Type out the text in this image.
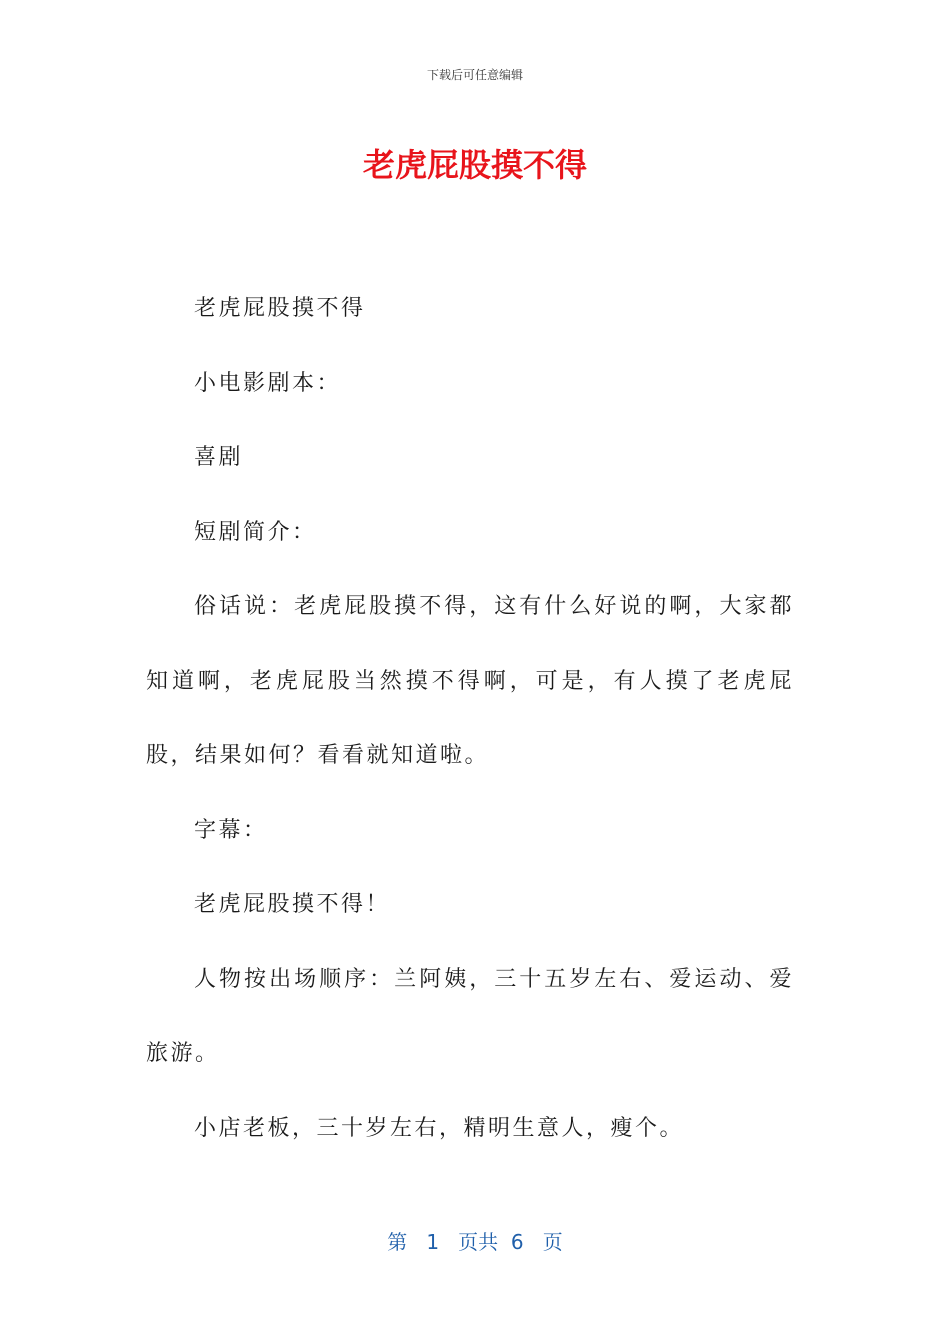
下载后可任意编辑
老虎屁股摸不得

老虎屁股摸不得

小电影剧本：

喜剧

短剧简介：

俗话说：老虎屁股摸不得，这有什么好说的啊，大家都知道啊，老虎屁股当然摸不得啊，可是，有人摸了老虎屁股，结果如何？看看就知道啦。

字幕：

老虎屁股摸不得！

人物按出场顺序：兰阿姨，三十五岁左右、爱运动、爱旅游。

小店老板，三十岁左右，精明生意人，瘦个。

第 1 页共 6 页
